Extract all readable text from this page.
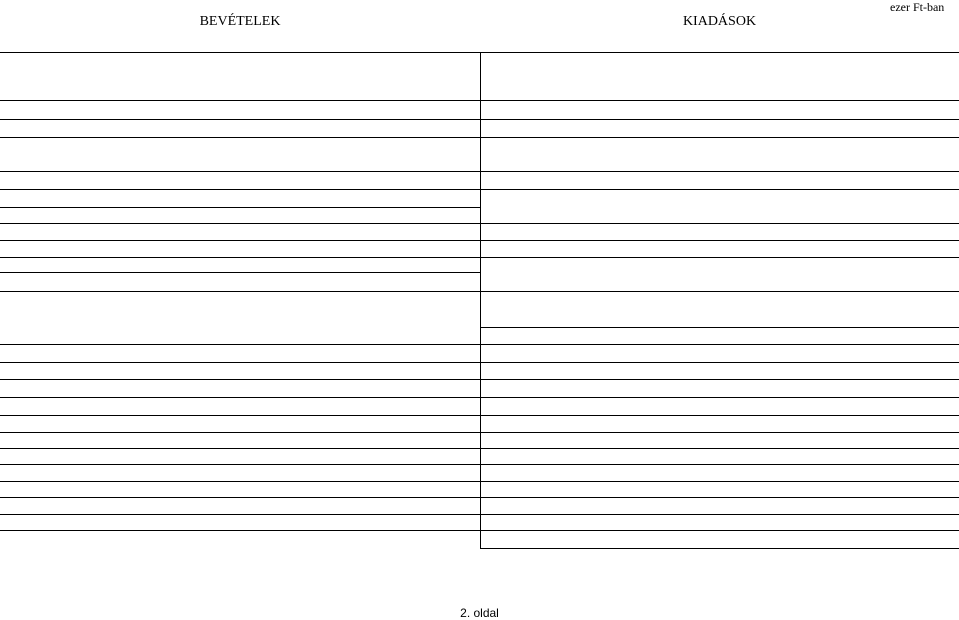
ezer Ft-ban
BEVÉTELEK	KIADÁSOK
2. oldal
